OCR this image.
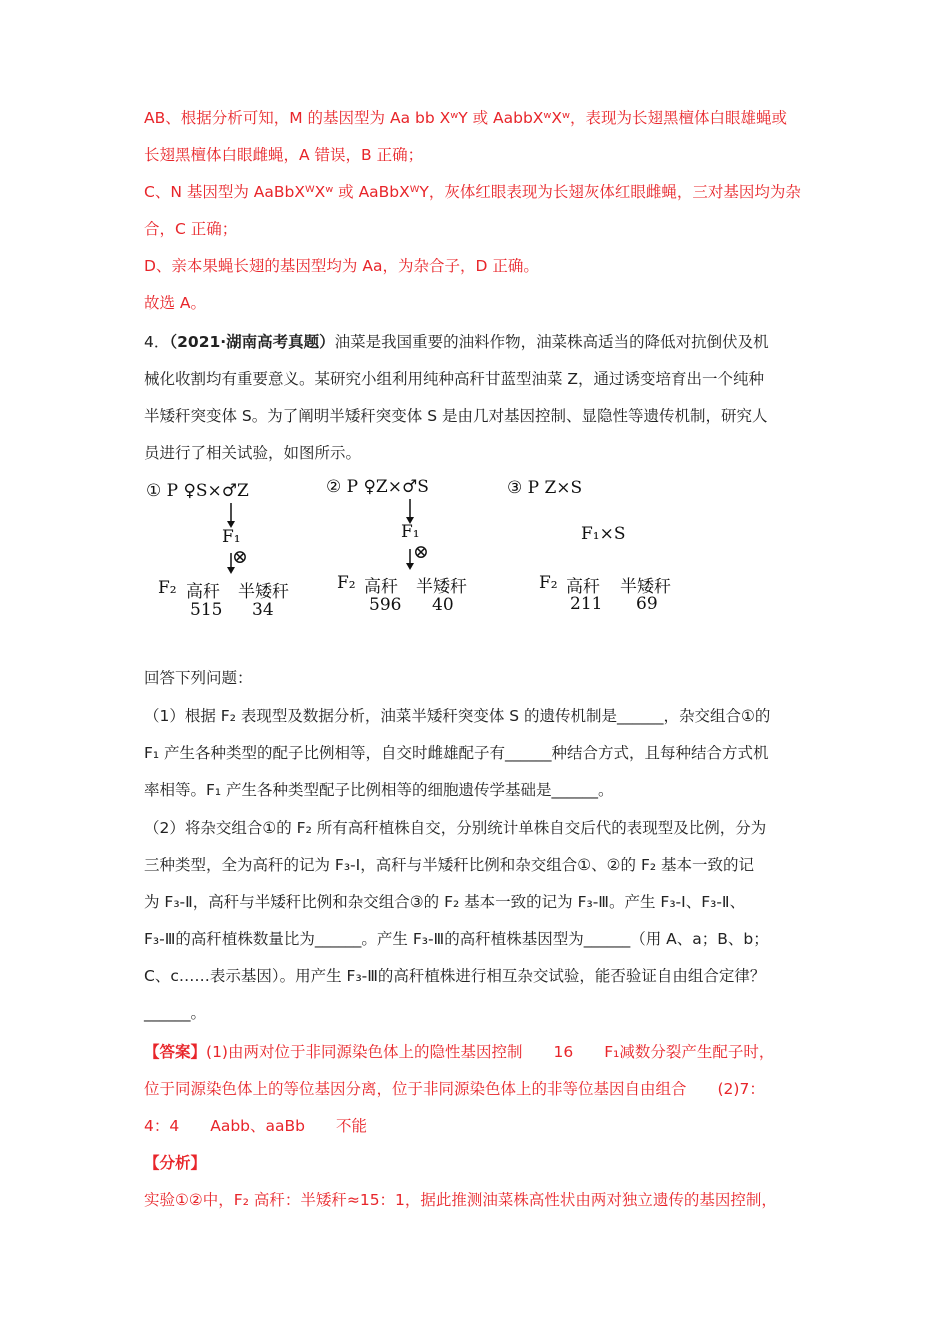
AB、根据分析可知，M 的基因型为 Aa bb XʷY 或 AabbXʷXʷ，表现为长翅黑檀体白眼雄蝇或
长翅黑檀体白眼雌蝇，A 错误，B 正确；
C、N 基因型为 AaBbXᵂXʷ 或 AaBbXᵂY，灰体红眼表现为长翅灰体红眼雌蝇，三对基因均为杂
合，C 正确；
D、亲本果蝇长翅的基因型均为 Aa，为杂合子，D 正确。
故选 A。
4．（2021·湖南高考真题）油菜是我国重要的油料作物，油菜株高适当的降低对抗倒伏及机
械化收割均有重要意义。某研究小组利用纯种高秆甘蓝型油菜 Z，通过诱变培育出一个纯种
半矮秆突变体 S。为了阐明半矮秆突变体 S 是由几对基因控制、显隐性等遗传机制，研究人
员进行了相关试验，如图所示。
① P ♀S×♂Z
F₁
⊗
F₂ 高秆 半矮秆
515 34
② P ♀Z×♂S
F₁
⊗
F₂ 高秆 半矮秆
596 40
③ P Z×S
F₁×S
F₂ 高秆 半矮秆
211 69
回答下列问题：
（1）根据 F₂ 表现型及数据分析，油菜半矮秆突变体 S 的遗传机制是______，杂交组合①的
F₁ 产生各种类型的配子比例相等，自交时雌雄配子有______种结合方式，且每种结合方式机
率相等。F₁ 产生各种类型配子比例相等的细胞遗传学基础是______。
（2）将杂交组合①的 F₂ 所有高秆植株自交，分别统计单株自交后代的表现型及比例，分为
三种类型，全为高秆的记为 F₃-Ⅰ，高秆与半矮秆比例和杂交组合①、②的 F₂ 基本一致的记
为 F₃-Ⅱ，高秆与半矮秆比例和杂交组合③的 F₂ 基本一致的记为 F₃-Ⅲ。产生 F₃-Ⅰ、F₃-Ⅱ、
F₃-Ⅲ的高秆植株数量比为______。产生 F₃-Ⅲ的高秆植株基因型为______（用 A、a；B、b；
C、c……表示基因）。用产生 F₃-Ⅲ的高秆植株进行相互杂交试验，能否验证自由组合定律？
______。
【答案】(1)由两对位于非同源染色体上的隐性基因控制　　16　　F₁减数分裂产生配子时，
位于同源染色体上的等位基因分离，位于非同源染色体上的非等位基因自由组合　　(2)7：
4：4　　Aabb、aaBb　　不能
【分析】
实验①②中，F₂ 高秆：半矮秆≈15：1，据此推测油菜株高性状由两对独立遗传的基因控制，
